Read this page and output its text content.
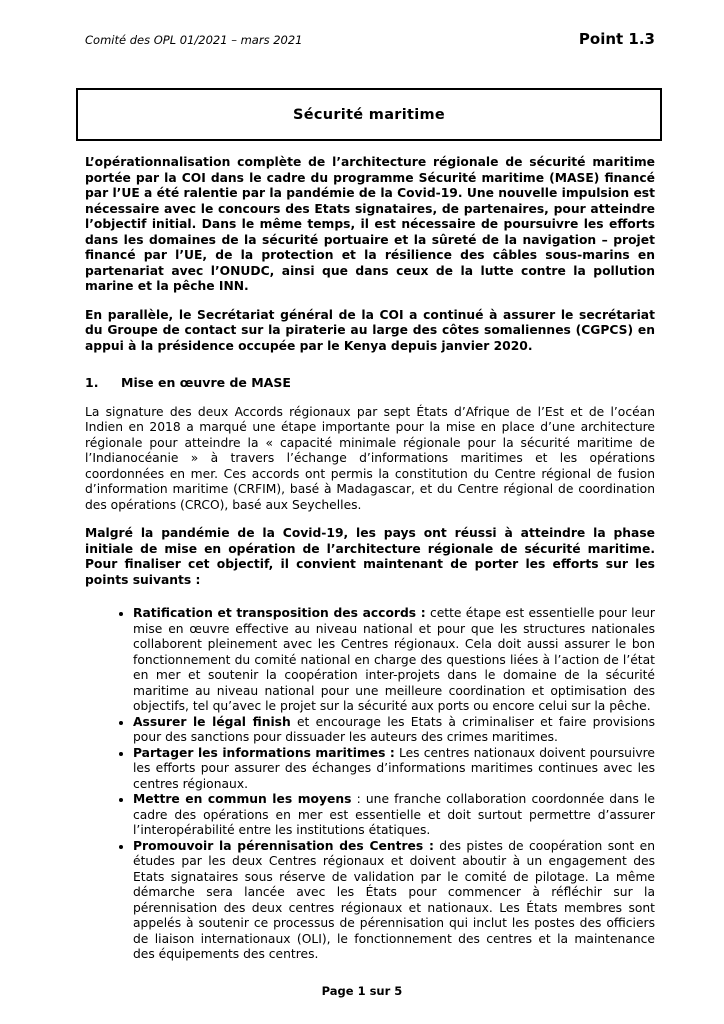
Comité des OPL 01/2021 – mars 2021	Point 1.3
Sécurité maritime

L’opérationnalisation complète de l’architecture régionale de sécurité maritime portée par la COI dans le cadre du programme Sécurité maritime (MASE) financé par l’UE a été ralentie par la pandémie de la Covid-19. Une nouvelle impulsion est nécessaire avec le concours des Etats signataires, de partenaires, pour atteindre l’objectif initial. Dans le même temps, il est nécessaire de poursuivre les efforts dans les domaines de la sécurité portuaire et la sûreté de la navigation – projet financé par l’UE, de la protection et la résilience des câbles sous-marins en partenariat avec l’ONUDC, ainsi que dans ceux de la lutte contre la pollution marine et la pêche INN.

En parallèle, le Secrétariat général de la COI a continué à assurer le secrétariat du Groupe de contact sur la piraterie au large des côtes somaliennes (CGPCS) en appui à la présidence occupée par le Kenya depuis janvier 2020.

1. Mise en œuvre de MASE

La signature des deux Accords régionaux par sept États d’Afrique de l’Est et de l’océan Indien en 2018 a marqué une étape importante pour la mise en place d’une architecture régionale pour atteindre la « capacité minimale régionale pour la sécurité maritime de l’Indianocéanie » à travers l’échange d’informations maritimes et les opérations coordonnées en mer. Ces accords ont permis la constitution du Centre régional de fusion d’information maritime (CRFIM), basé à Madagascar, et du Centre régional de coordination des opérations (CRCO), basé aux Seychelles.

Malgré la pandémie de la Covid-19, les pays ont réussi à atteindre la phase initiale de mise en opération de l’architecture régionale de sécurité maritime. Pour finaliser cet objectif, il convient maintenant de porter les efforts sur les points suivants :

• Ratification et transposition des accords : cette étape est essentielle pour leur mise en œuvre effective au niveau national et pour que les structures nationales collaborent pleinement avec les Centres régionaux. Cela doit aussi assurer le bon fonctionnement du comité national en charge des questions liées à l’action de l’état en mer et soutenir la coopération inter-projets dans le domaine de la sécurité maritime au niveau national pour une meilleure coordination et optimisation des objectifs, tel qu’avec le projet sur la sécurité aux ports ou encore celui sur la pêche.
• Assurer le légal finish et encourage les Etats à criminaliser et faire provisions pour des sanctions pour dissuader les auteurs des crimes maritimes.
• Partager les informations maritimes : Les centres nationaux doivent poursuivre les efforts pour assurer des échanges d’informations maritimes continues avec les centres régionaux.
• Mettre en commun les moyens : une franche collaboration coordonnée dans le cadre des opérations en mer est essentielle et doit surtout permettre d’assurer l’interopérabilité entre les institutions étatiques.
• Promouvoir la pérennisation des Centres : des pistes de coopération sont en études par les deux Centres régionaux et doivent aboutir à un engagement des Etats signataires sous réserve de validation par le comité de pilotage. La même démarche sera lancée avec les États pour commencer à réfléchir sur la pérennisation des deux centres régionaux et nationaux. Les États membres sont appelés à soutenir ce processus de pérennisation qui inclut les postes des officiers de liaison internationaux (OLI), le fonctionnement des centres et la maintenance des équipements des centres.
Page 1 sur 5
